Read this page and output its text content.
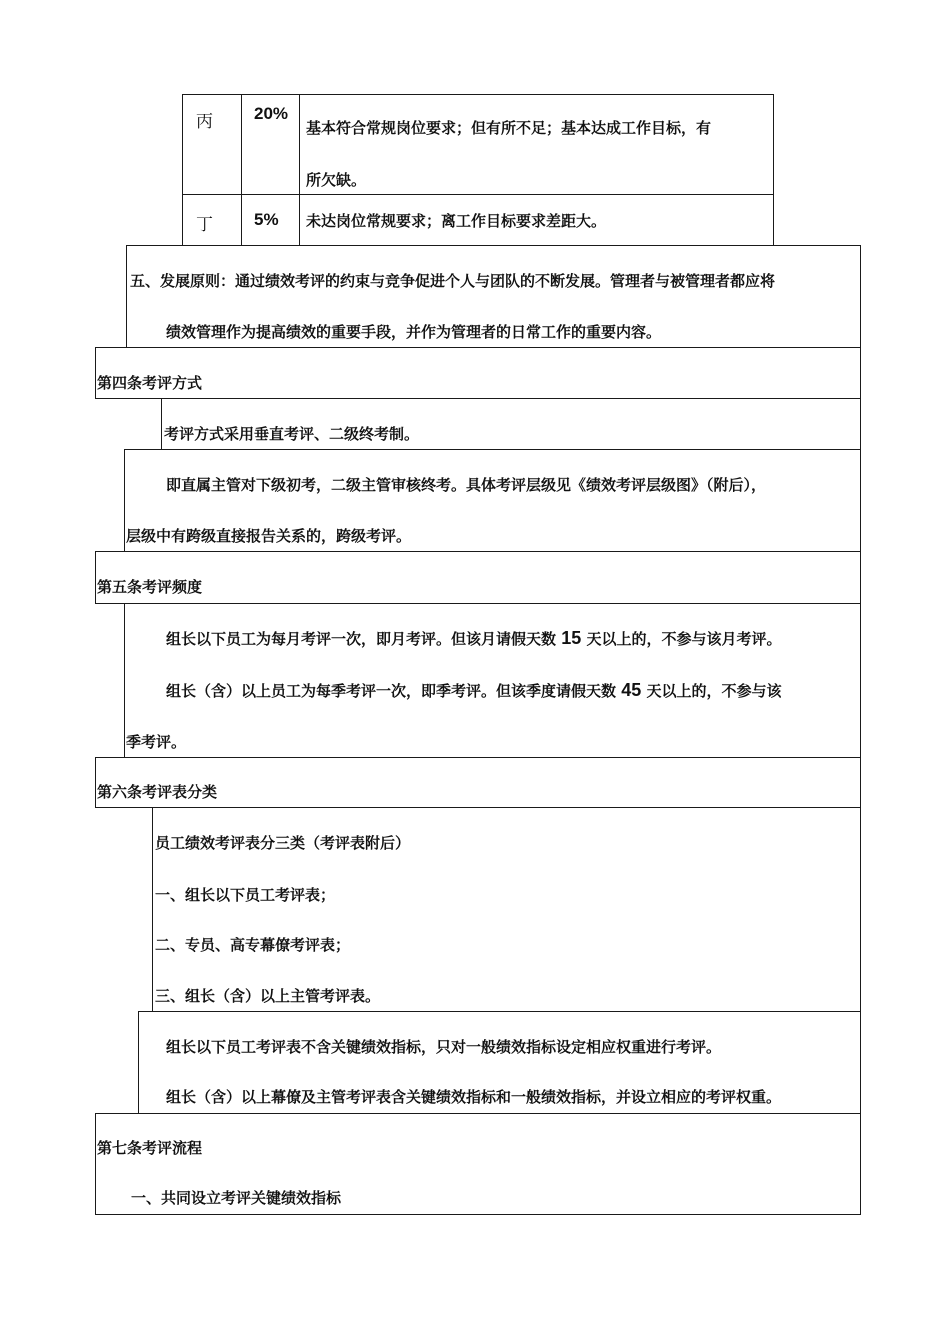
丙 20%
基本符合常规岗位要求；但有所不足；基本达成工作目标，有
所欠缺。
丁 5% 未达岗位常规要求；离工作目标要求差距大。
五、发展原则：通过绩效考评的约束与竞争促进个人与团队的不断发展。管理者与被管理者都应将
绩效管理作为提高绩效的重要手段，并作为管理者的日常工作的重要内容。
第四条考评方式
考评方式采用垂直考评、二级终考制。
即直属主管对下级初考，二级主管审核终考。具体考评层级见《绩效考评层级图》（附后），
层级中有跨级直接报告关系的，跨级考评。
第五条考评频度
组长以下员工为每月考评一次，即月考评。但该月请假天数 15 天以上的，不参与该月考评。
组长（含）以上员工为每季考评一次，即季考评。但该季度请假天数 45 天以上的，不参与该
季考评。
第六条考评表分类
员工绩效考评表分三类（考评表附后）
一、组长以下员工考评表；
二、专员、高专幕僚考评表；
三、组长（含）以上主管考评表。
组长以下员工考评表不含关键绩效指标，只对一般绩效指标设定相应权重进行考评。
组长（含）以上幕僚及主管考评表含关键绩效指标和一般绩效指标，并设立相应的考评权重。
第七条考评流程
一、共同设立考评关键绩效指标
